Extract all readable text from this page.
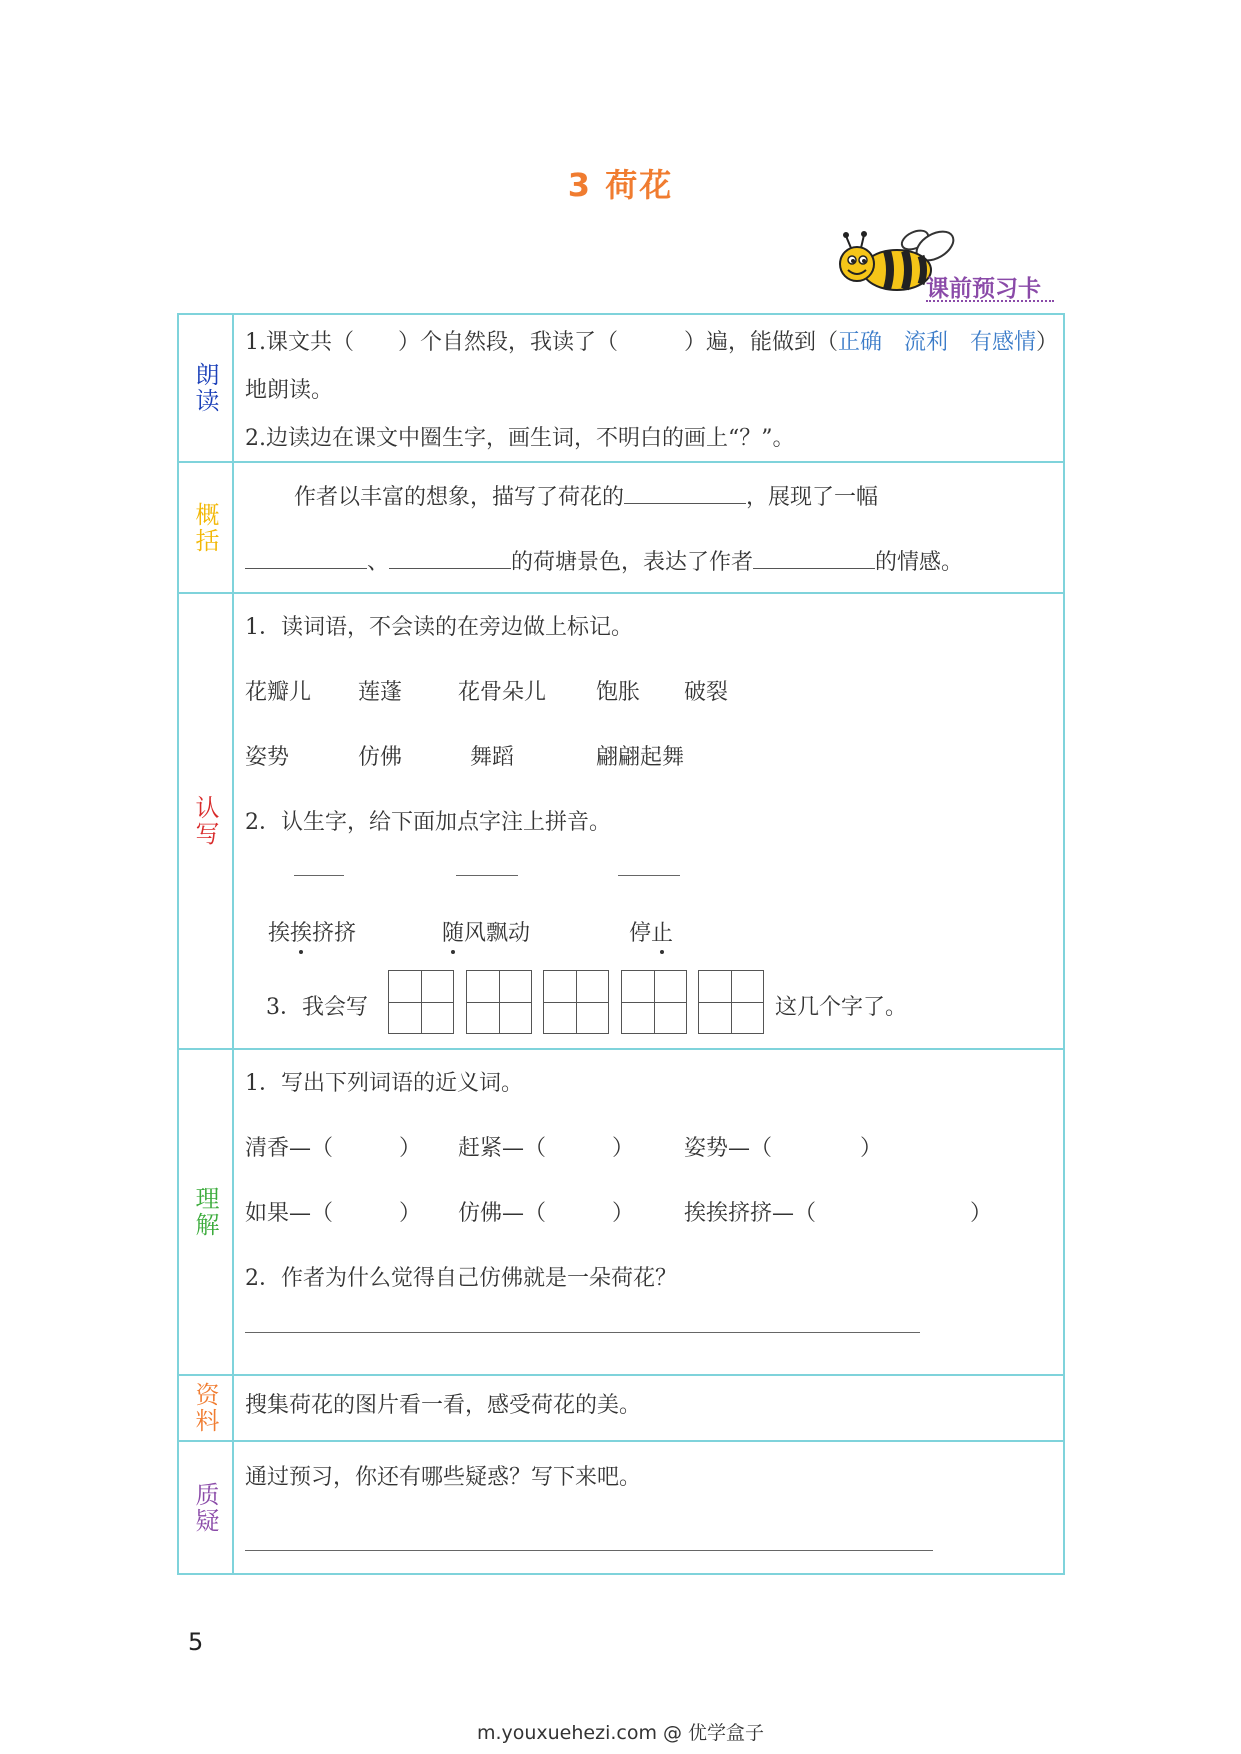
3 荷花
课前预习卡
朗读
1.课文共（　　）个自然段，我读了（　　　）遍，能做到（正确　流利　有感情）
地朗读。
2.边读边在课文中圈生字，画生词，不明白的画上“？”。
概括
作者以丰富的想象，描写了荷花的	，展现了一幅
、	的荷塘景色，表达了作者	的情感。
认写
1．读词语，不会读的在旁边做上标记。
花瓣儿 莲蓬	花骨朵儿 饱胀 破裂
姿势	仿佛	舞蹈	翩翩起舞
2．认生字，给下面加点字注上拼音。
挨挨挤挤	随风飘动	停止
3．我会写	这几个字了。
理解
1．写出下列词语的近义词。
清香—（　　　） 赶紧—（　　　） 姿势—（　　　　）
如果—（　　　） 仿佛—（　　　） 挨挨挤挤—（　　　　　　　）
2．作者为什么觉得自己仿佛就是一朵荷花？
资料	搜集荷花的图片看一看，感受荷花的美。
质疑
通过预习，你还有哪些疑惑？写下来吧。
5
m.youxuehezi.com @ 优学盒子
